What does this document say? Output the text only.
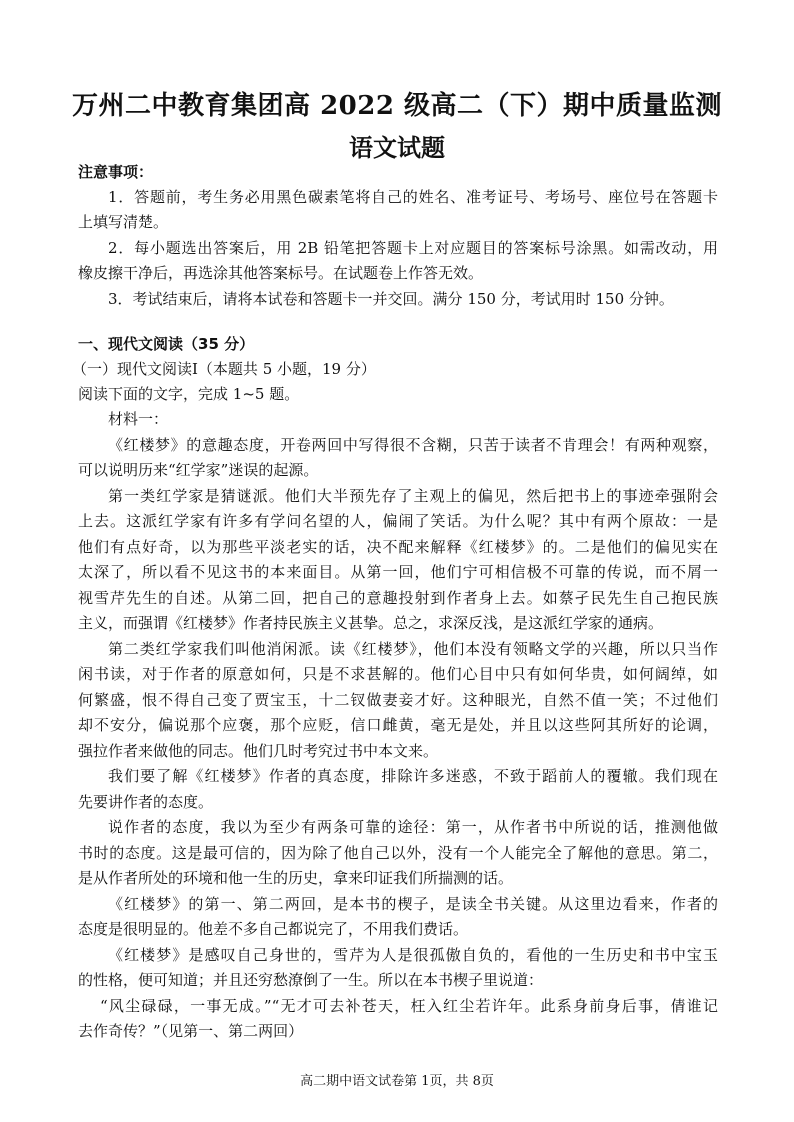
万州二中教育集团高 2022 级高二（下）期中质量监测
语文试题
注意事项：
1．答题前，考生务必用黑色碳素笔将自己的姓名、准考证号、考场号、座位号在答题卡
上填写清楚。
2．每小题选出答案后，用 2B 铅笔把答题卡上对应题目的答案标号涂黑。如需改动，用
橡皮擦干净后，再选涂其他答案标号。在试题卷上作答无效。
3．考试结束后，请将本试卷和答题卡一并交回。满分 150 分，考试用时 150 分钟。
一、现代文阅读（35 分）
（一）现代文阅读Ⅰ（本题共 5 小题，19 分）
阅读下面的文字，完成 1~5 题。
材料一：
《红楼梦》的意趣态度，开卷两回中写得很不含糊，只苦于读者不肯理会！有两种观察，
可以说明历来“红学家”迷误的起源。
第一类红学家是猜谜派。他们大半预先存了主观上的偏见，然后把书上的事迹牵强附会
上去。这派红学家有许多有学问名望的人，偏闹了笑话。为什么呢？其中有两个原故：一是
他们有点好奇，以为那些平淡老实的话，决不配来解释《红楼梦》的。二是他们的偏见实在
太深了，所以看不见这书的本来面目。从第一回，他们宁可相信极不可靠的传说，而不屑一
视雪芹先生的自述。从第二回，把自己的意趣投射到作者身上去。如蔡孑民先生自己抱民族
主义，而强谓《红楼梦》作者持民族主义甚挚。总之，求深反浅，是这派红学家的通病。
第二类红学家我们叫他消闲派。读《红楼梦》，他们本没有领略文学的兴趣，所以只当作
闲书读，对于作者的原意如何，只是不求甚解的。他们心目中只有如何华贵，如何阔绰，如
何繁盛，恨不得自己变了贾宝玉，十二钗做妻妾才好。这种眼光，自然不值一笑；不过他们
却不安分，偏说那个应褒，那个应贬，信口雌黄，毫无是处，并且以这些阿其所好的论调，
强拉作者来做他的同志。他们几时考究过书中本文来。
我们要了解《红楼梦》作者的真态度，排除许多迷惑，不致于蹈前人的覆辙。我们现在
先要讲作者的态度。
说作者的态度，我以为至少有两条可靠的途径：第一，从作者书中所说的话，推测他做
书时的态度。这是最可信的，因为除了他自己以外，没有一个人能完全了解他的意思。第二，
是从作者所处的环境和他一生的历史，拿来印证我们所揣测的话。
《红楼梦》的第一、第二两回，是本书的楔子，是读全书关键。从这里边看来，作者的
态度是很明显的。他差不多自己都说完了，不用我们费话。
《红楼梦》是感叹自己身世的，雪芹为人是很孤傲自负的，看他的一生历史和书中宝玉
的性格，便可知道；并且还穷愁潦倒了一生。所以在本书楔子里说道：
“风尘碌碌，一事无成。”“无才可去补苍天，枉入红尘若许年。此系身前身后事，倩谁记
去作奇传？”（见第一、第二两回）
高二期中语文试卷第 1页，共 8页
